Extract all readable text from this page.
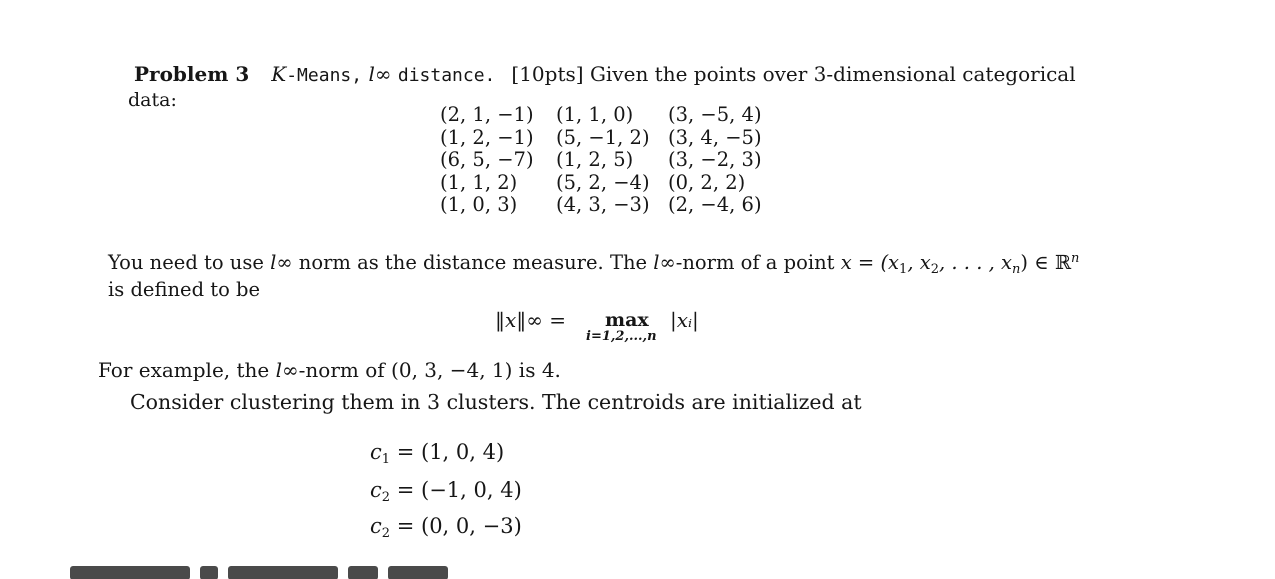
Problem 3 K-Means, l∞ distance. [10pts] Given the points over 3-dimensional categorical
data:
(2, 1, −1)	(1, 1, 0)	(3, −5, 4)
(1, 2, −1)	(5, −1, 2)	(3, 4, −5)
(6, 5, −7)	(1, 2, 5)	(3, −2, 3)
(1, 1, 2)	(5, 2, −4)	(0, 2, 2)
(1, 0, 3)	(4, 3, −3)	(2, −4, 6)
You need to use l∞ norm as the distance measure. The l∞-norm of a point $x = (x_1$, $x_2$, . . . , $x_n$) ∈ ℝ$^n$
is defined to be
‖x‖∞ = max
i=1,2,...,n
|xᵢ|
For example, the l∞-norm of (0, 3, −4, 1) is 4.
Consider clustering them in 3 clusters. The centroids are initialized at
c1 = (1, 0, 4)
c2 = (−1, 0, 4)
c2 = (0, 0, −3)
